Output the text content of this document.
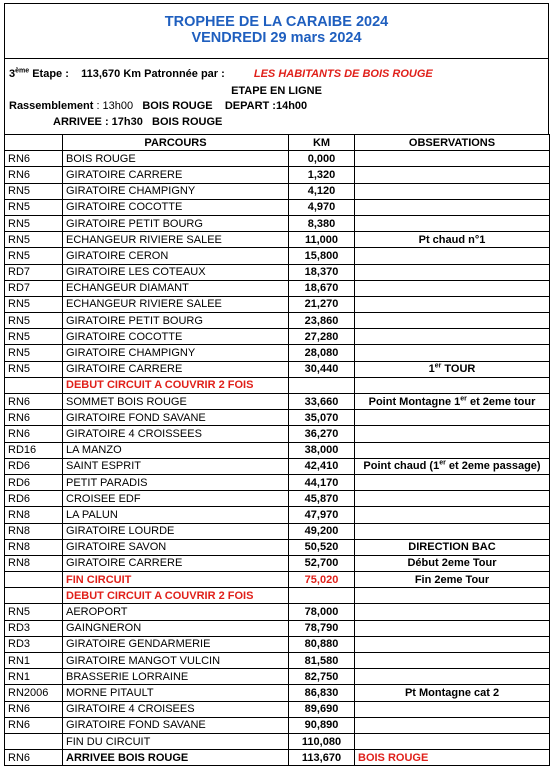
TROPHEE DE LA CARAIBE 2024
VENDREDI 29 mars 2024
3ème Etape : 113,670 Km Patronnée par :	LES HABITANTS DE BOIS ROUGE
ETAPE EN LIGNE
Rassemblement : 13h00 BOIS ROUGE DEPART :14h00
ARRIVEE : 17h30 BOIS ROUGE
	PARCOURS	KM	OBSERVATIONS
RN6	BOIS ROUGE	0,000	
RN6	GIRATOIRE CARRERE	1,320	
RN5	GIRATOIRE CHAMPIGNY	4,120	
RN5	GIRATOIRE COCOTTE	4,970	
RN5	GIRATOIRE PETIT BOURG	8,380	
RN5	ECHANGEUR RIVIERE SALEE	11,000	Pt chaud n°1
RN5	GIRATOIRE CERON	15,800	
RD7	GIRATOIRE LES COTEAUX	18,370	
RD7	ECHANGEUR DIAMANT	18,670	
RN5	ECHANGEUR RIVIERE SALEE	21,270	
RN5	GIRATOIRE PETIT BOURG	23,860	
RN5	GIRATOIRE COCOTTE	27,280	
RN5	GIRATOIRE CHAMPIGNY	28,080	
RN5	GIRATOIRE CARRERE	30,440	1er TOUR
	DEBUT CIRCUIT A COUVRIR 2 FOIS		
RN6	SOMMET BOIS ROUGE	33,660	Point Montagne 1er et 2eme tour
RN6	GIRATOIRE FOND SAVANE	35,070	
RN6	GIRATOIRE 4 CROISSEES	36,270	
RD16	LA MANZO	38,000	
RD6	SAINT ESPRIT	42,410	Point chaud (1er et 2eme passage)
RD6	PETIT PARADIS	44,170	
RD6	CROISEE EDF	45,870	
RN8	LA PALUN	47,970	
RN8	GIRATOIRE LOURDE	49,200	
RN8	GIRATOIRE SAVON	50,520	DIRECTION BAC
RN8	GIRATOIRE CARRERE	52,700	Début 2eme Tour
	FIN CIRCUIT	75,020	Fin 2eme Tour
	DEBUT CIRCUIT A COUVRIR 2 FOIS		
RN5	AEROPORT	78,000	
RD3	GAINGNERON	78,790	
RD3	GIRATOIRE GENDARMERIE	80,880	
RN1	GIRATOIRE MANGOT VULCIN	81,580	
RN1	BRASSERIE LORRAINE	82,750	
RN2006	MORNE PITAULT	86,830	Pt Montagne cat 2
RN6	GIRATOIRE 4 CROISEES	89,690	
RN6	GIRATOIRE FOND SAVANE	90,890	
	FIN DU CIRCUIT	110,080	
RN6	ARRIVEE BOIS ROUGE	113,670	BOIS ROUGE
